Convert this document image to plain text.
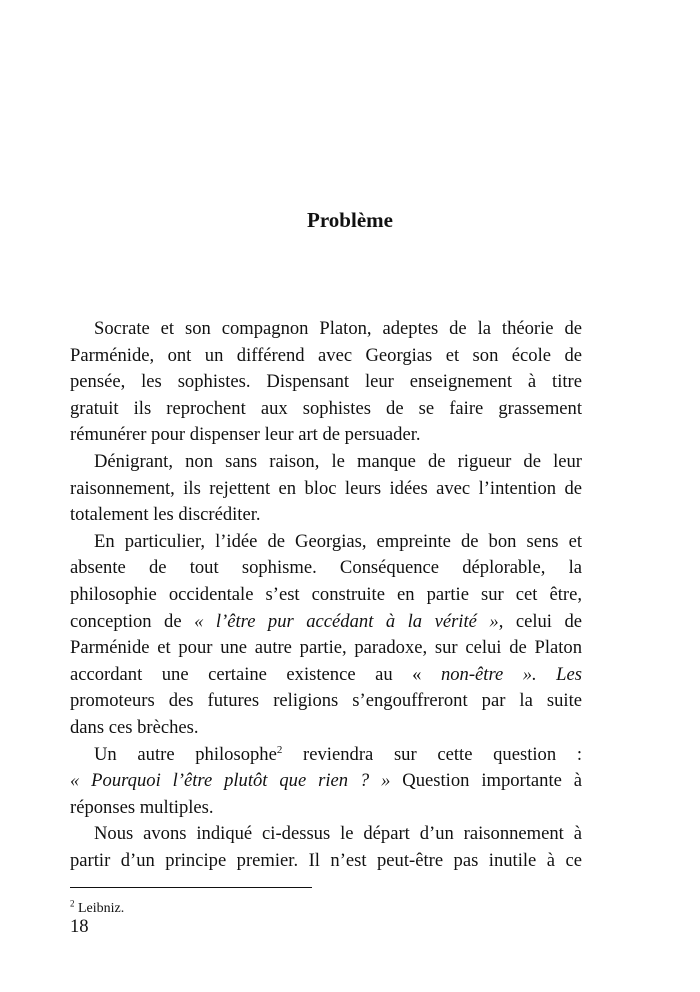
Problème
Socrate et son compagnon Platon, adeptes de la théorie de
Parménide, ont un différend avec Georgias et son école de
pensée, les sophistes. Dispensant leur enseignement à titre
gratuit ils reprochent aux sophistes de se faire grassement
rémunérer pour dispenser leur art de persuader.
Dénigrant, non sans raison, le manque de rigueur de leur
raisonnement, ils rejettent en bloc leurs idées avec l’intention de
totalement les discréditer.
En particulier, l’idée de Georgias, empreinte de bon sens et
absente de tout sophisme. Conséquence déplorable, la
philosophie occidentale s’est construite en partie sur cet être,
conception de « l’être pur accédant à la vérité », celui de
Parménide et pour une autre partie, paradoxe, sur celui de Platon
accordant une certaine existence au « non-être ». Les
promoteurs des futures religions s’engouffreront par la suite
dans ces brèches.
Un autre philosophe$^2$ reviendra sur cette question :
« Pourquoi l’être plutôt que rien ? » Question importante à
réponses multiples.
Nous avons indiqué ci-dessus le départ d’un raisonnement à
partir d’un principe premier. Il n’est peut-être pas inutile à ce
$^2$ Leibniz.
18
